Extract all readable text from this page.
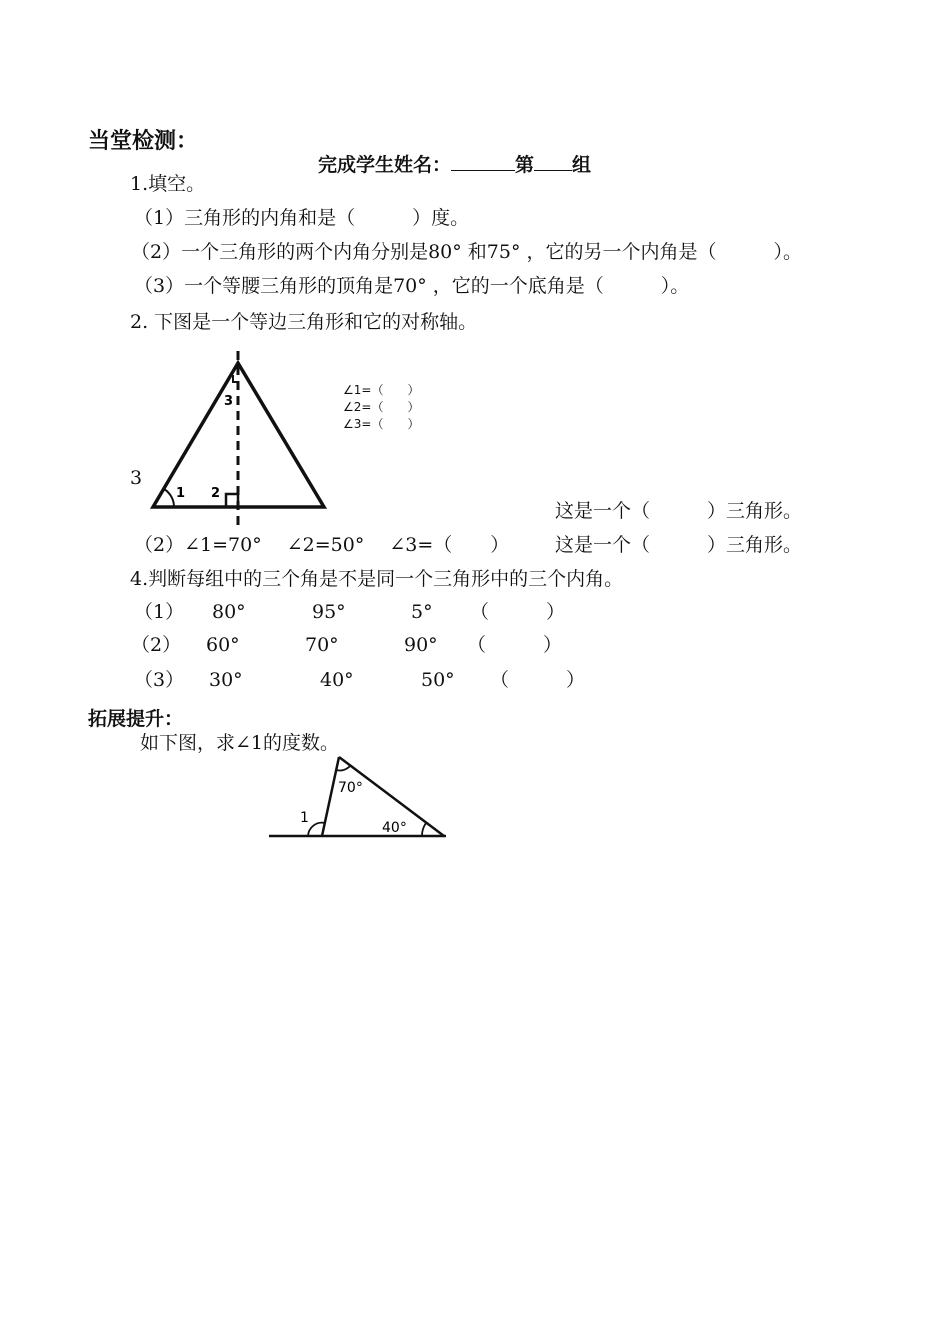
当堂检测：
完成学生姓名：	第 组
1.填空。
（1）三角形的内角和是（　　　）度。
（2）一个三角形的两个内角分别是80° 和75° ，它的另一个内角是（　　　）。
（3）一个等腰三角形的顶角是70° ，它的一个底角是（　　　）。
2. 下图是一个等边三角形和它的对称轴。
1 2
3
∠1=（　　）
∠2=（　　）
∠3=（　　）
3
这是一个（　　　）三角形。
（2）∠1=70°　 ∠2=50°　 ∠3=（　　） 这是一个（　　　）三角形。
4.判断每组中的三个角是不是同一个三角形中的三个内角。
（1） 80°	95°	5° （　　　）
（2） 60°	70°	90° （　　　）
（3） 30°	40°	50° （　　　）
拓展提升：
如下图，求∠1的度数。
1
70°
40°
